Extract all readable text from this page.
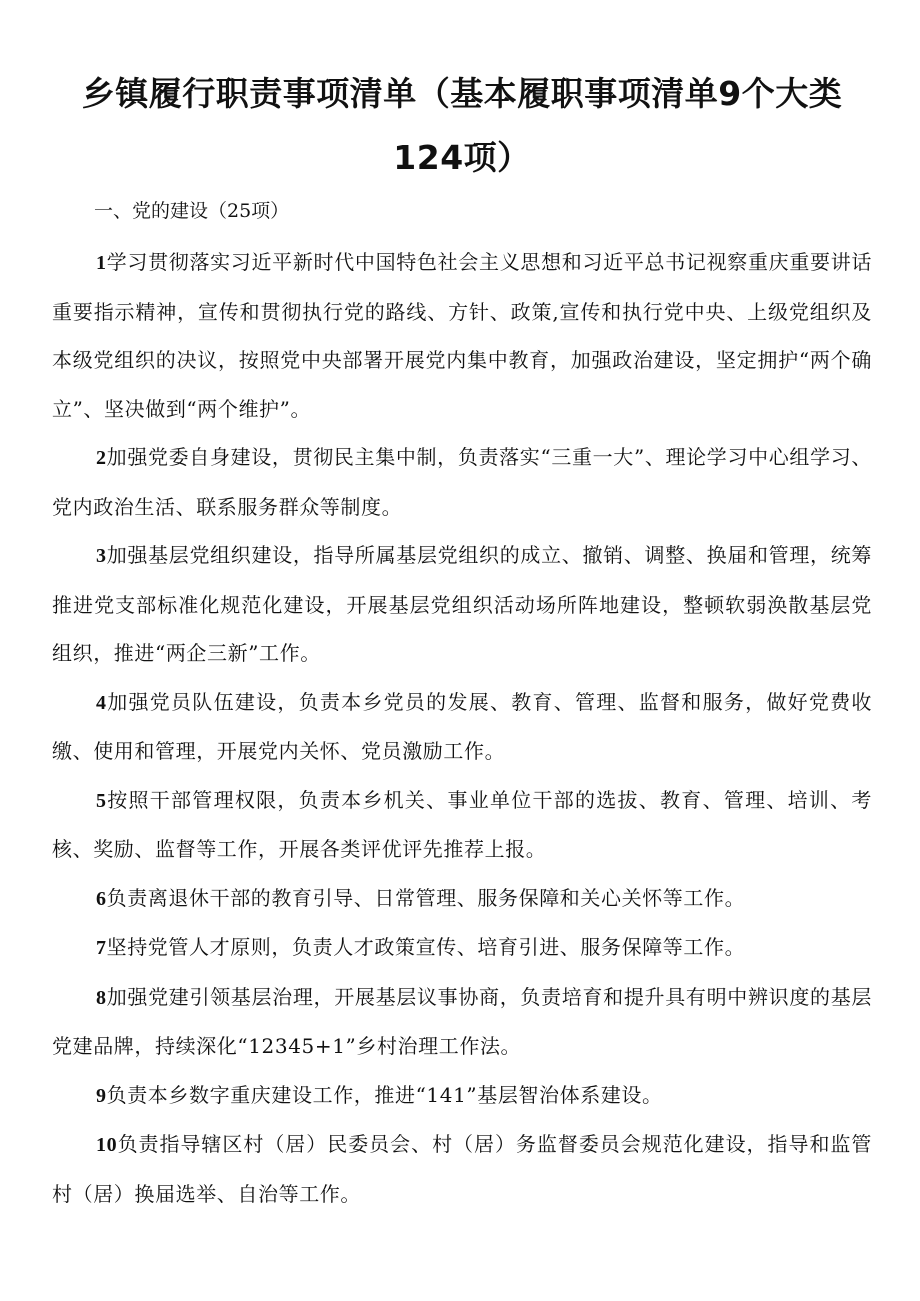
乡镇履行职责事项清单（基本履职事项清单9个大类
124项）

一、党的建设（25项）

1学习贯彻落实习近平新时代中国特色社会主义思想和习近平总书记视察重庆重要讲话重要指示精神，宣传和贯彻执行党的路线、方针、政策,宣传和执行党中央、上级党组织及本级党组织的决议，按照党中央部署开展党内集中教育，加强政治建设，坚定拥护“两个确立”、坚决做到“两个维护”。

2加强党委自身建设，贯彻民主集中制，负责落实“三重一大”、理论学习中心组学习、党内政治生活、联系服务群众等制度。

3加强基层党组织建设，指导所属基层党组织的成立、撤销、调整、换届和管理，统筹推进党支部标准化规范化建设，开展基层党组织活动场所阵地建设，整顿软弱涣散基层党组织，推进“两企三新”工作。

4加强党员队伍建设，负责本乡党员的发展、教育、管理、监督和服务，做好党费收缴、使用和管理，开展党内关怀、党员激励工作。

5按照干部管理权限，负责本乡机关、事业单位干部的选拔、教育、管理、培训、考核、奖励、监督等工作，开展各类评优评先推荐上报。

6负责离退休干部的教育引导、日常管理、服务保障和关心关怀等工作。

7坚持党管人才原则，负责人才政策宣传、培育引进、服务保障等工作。

8加强党建引领基层治理，开展基层议事协商，负责培育和提升具有明中辨识度的基层党建品牌，持续深化“12345+1”乡村治理工作法。

9负责本乡数字重庆建设工作，推进“141”基层智治体系建设。

10负责指导辖区村（居）民委员会、村（居）务监督委员会规范化建设，指导和监管村（居）换届选举、自治等工作。
